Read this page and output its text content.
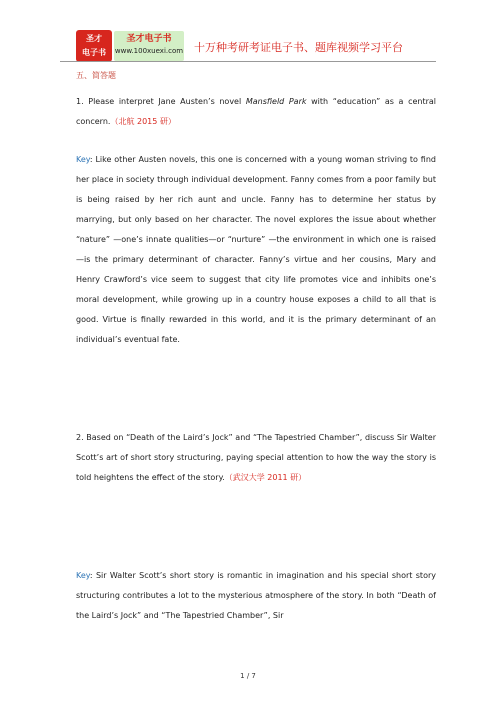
圣才
电子书
圣才电子书
www.100xuexi.com 十万种考研考证电子书、题库视频学习平台
五、简答题
1. Please interpret Jane Austen’s novel Mansfield Park with “education” as a central concern.（北航 2015 研）
Key: Like other Austen novels, this one is concerned with a young woman striving to find her place in society through individual development. Fanny comes from a poor family but is being raised by her rich aunt and uncle. Fanny has to determine her status by marrying, but only based on her character. The novel explores the issue about whether “nature” —one’s innate qualities—or “nurture” —the environment in which one is raised—is the primary determinant of character. Fanny’s virtue and her cousins, Mary and Henry Crawford’s vice seem to suggest that city life promotes vice and inhibits one’s moral development, while growing up in a country house exposes a child to all that is good. Virtue is finally rewarded in this world, and it is the primary determinant of an individual’s eventual fate.
2. Based on “Death of the Laird’s Jock” and “The Tapestried Chamber”, discuss Sir Walter Scott’s art of short story structuring, paying special attention to how the way the story is told heightens the effect of the story.（武汉大学 2011 研）
Key: Sir Walter Scott’s short story is romantic in imagination and his special short story structuring contributes a lot to the mysterious atmosphere of the story. In both “Death of the Laird’s Jock” and “The Tapestried Chamber”, Sir
1 / 7
